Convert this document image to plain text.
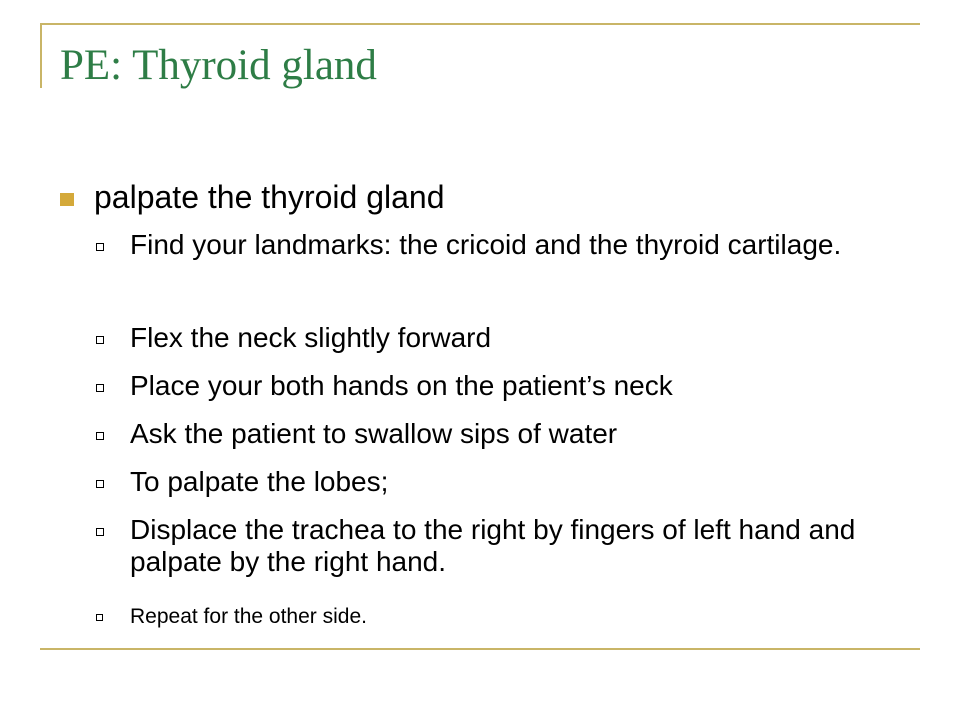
PE: Thyroid gland
palpate the thyroid gland
Find your landmarks: the cricoid and the thyroid cartilage.
Flex the neck slightly forward
Place your both hands on the patient’s neck
Ask the patient to swallow sips of water
To palpate the lobes;
Displace the trachea to the right by fingers of left hand and palpate by the right hand.
Repeat for the other side.
